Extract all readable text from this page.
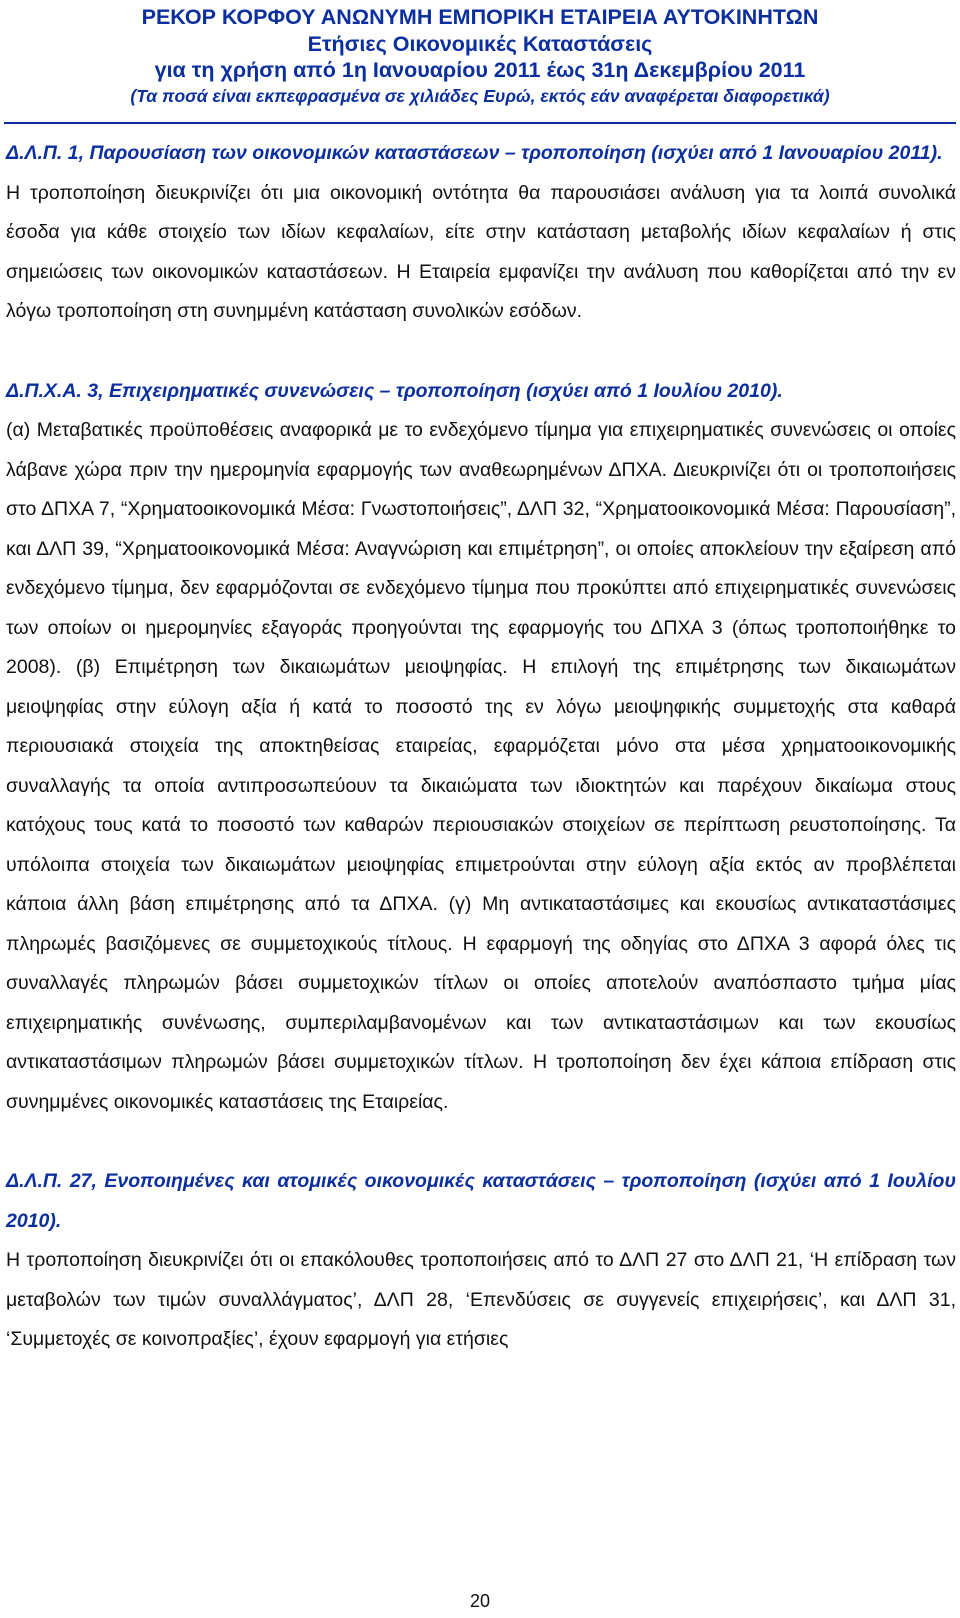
ΡΕΚΟΡ ΚΟΡΦΟΥ ΑΝΩΝΥΜΗ ΕΜΠΟΡΙΚΗ ΕΤΑΙΡΕΙΑ ΑΥΤΟΚΙΝΗΤΩΝ
Ετήσιες Οικονομικές Καταστάσεις
για τη χρήση από 1η Ιανουαρίου 2011 έως 31η Δεκεμβρίου 2011
(Τα ποσά είναι εκπεφρασμένα σε χιλιάδες Ευρώ, εκτός εάν αναφέρεται διαφορετικά)

Δ.Λ.Π. 1, Παρουσίαση των οικονομικών καταστάσεων – τροποποίηση (ισχύει από 1 Ιανουαρίου 2011).

Η τροποποίηση διευκρινίζει ότι μια οικονομική οντότητα θα παρουσιάσει ανάλυση για τα λοιπά συνολικά έσοδα για κάθε στοιχείο των ιδίων κεφαλαίων, είτε στην κατάσταση μεταβολής ιδίων κεφαλαίων ή στις σημειώσεις των οικονομικών καταστάσεων. Η Εταιρεία εμφανίζει την ανάλυση που καθορίζεται από την εν λόγω τροποποίηση στη συνημμένη κατάσταση συνολικών εσόδων.

Δ.Π.Χ.Α. 3, Επιχειρηματικές συνενώσεις – τροποποίηση (ισχύει από 1 Ιουλίου 2010).

(α) Μεταβατικές προϋποθέσεις αναφορικά με το ενδεχόμενο τίμημα για επιχειρηματικές συνενώσεις οι οποίες λάβανε χώρα πριν την ημερομηνία εφαρμογής των αναθεωρημένων ΔΠΧΑ. Διευκρινίζει ότι οι τροποποιήσεις στο ΔΠΧΑ 7, “Χρηματοοικονομικά Μέσα: Γνωστοποιήσεις”, ΔΛΠ 32, “Χρηματοοικονομικά Μέσα: Παρουσίαση”, και ΔΛΠ 39, “Χρηματοοικονομικά Μέσα: Αναγνώριση και επιμέτρηση”, οι οποίες αποκλείουν την εξαίρεση από ενδεχόμενο τίμημα, δεν εφαρμόζονται σε ενδεχόμενο τίμημα που προκύπτει από επιχειρηματικές συνενώσεις των οποίων οι ημερομηνίες εξαγοράς προηγούνται της εφαρμογής του ΔΠΧΑ 3 (όπως τροποποιήθηκε το 2008). (β) Επιμέτρηση των δικαιωμάτων μειοψηφίας. Η επιλογή της επιμέτρησης των δικαιωμάτων μειοψηφίας στην εύλογη αξία ή κατά το ποσοστό της εν λόγω μειοψηφικής συμμετοχής στα καθαρά περιουσιακά στοιχεία της αποκτηθείσας εταιρείας, εφαρμόζεται μόνο στα μέσα χρηματοοικονομικής συναλλαγής τα οποία αντιπροσωπεύουν τα δικαιώματα των ιδιοκτητών και παρέχουν δικαίωμα στους κατόχους τους κατά το ποσοστό των καθαρών περιουσιακών στοιχείων σε περίπτωση ρευστοποίησης. Τα υπόλοιπα στοιχεία των δικαιωμάτων μειοψηφίας επιμετρούνται στην εύλογη αξία εκτός αν προβλέπεται κάποια άλλη βάση επιμέτρησης από τα ΔΠΧΑ. (γ) Μη αντικαταστάσιμες και εκουσίως αντικαταστάσιμες πληρωμές βασιζόμενες σε συμμετοχικούς τίτλους. Η εφαρμογή της οδηγίας στο ΔΠΧΑ 3 αφορά όλες τις συναλλαγές πληρωμών βάσει συμμετοχικών τίτλων οι οποίες αποτελούν αναπόσπαστο τμήμα μίας επιχειρηματικής συνένωσης, συμπεριλαμβανομένων και των αντικαταστάσιμων και των εκουσίως αντικαταστάσιμων πληρωμών βάσει συμμετοχικών τίτλων. Η τροποποίηση δεν έχει κάποια επίδραση στις συνημμένες οικονομικές καταστάσεις της Εταιρείας.

Δ.Λ.Π. 27, Ενοποιημένες και ατομικές οικονομικές καταστάσεις – τροποποίηση (ισχύει από 1 Ιουλίου 2010).

Η τροποποίηση διευκρινίζει ότι οι επακόλουθες τροποποιήσεις από το ΔΛΠ 27 στο ΔΛΠ 21, ‘Η επίδραση των μεταβολών των τιμών συναλλάγματος’, ΔΛΠ 28, ‘Επενδύσεις σε συγγενείς επιχειρήσεις’, και ΔΛΠ 31, ‘Συμμετοχές σε κοινοπραξίες’, έχουν εφαρμογή για ετήσιες

20
